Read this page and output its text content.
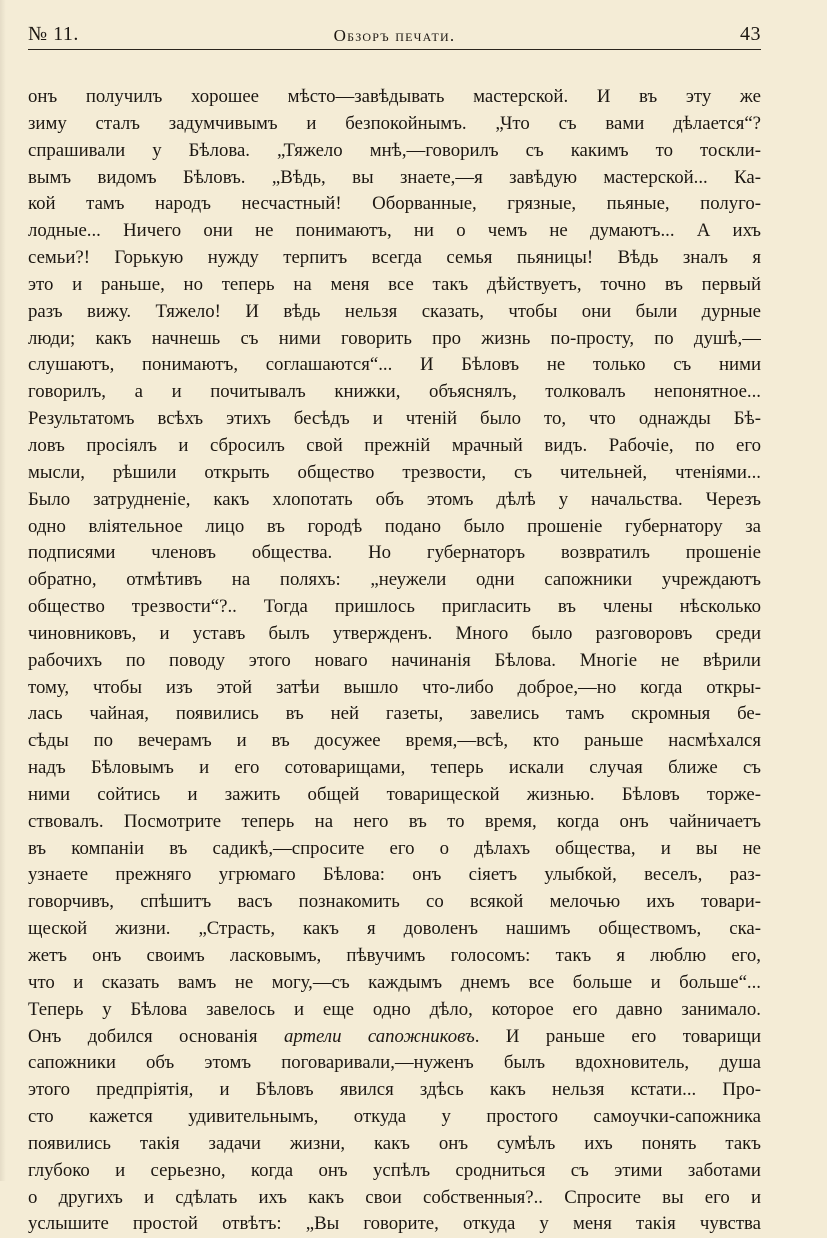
№ 11.	Обзоръ печати.	43
онъ получилъ хорошее мѣсто—завѣдывать мастерской. И въ эту же
зиму сталъ задумчивымъ и безпокойнымъ. „Что съ вами дѣлается“?
спрашивали у Бѣлова. „Тяжело мнѣ,—говорилъ съ какимъ то тоскли-
вымъ видомъ Бѣловъ. „Вѣдь, вы знаете,—я завѣдую мастерской... Ка-
кой тамъ народъ несчастный! Оборванные, грязные, пьяные, полуго-
лодные... Ничего они не понимаютъ, ни о чемъ не думаютъ... А ихъ
семьи?! Горькую нужду терпитъ всегда семья пьяницы! Вѣдь зналъ я
это и раньше, но теперь на меня все такъ дѣйствуетъ, точно въ первый
разъ вижу. Тяжело! И вѣдь нельзя сказать, чтобы они были дурные
люди; какъ начнешь съ ними говорить про жизнь по-просту, по душѣ,—
слушаютъ, понимаютъ, соглашаются“... И Бѣловъ не только съ ними
говорилъ, а и почитывалъ книжки, объяснялъ, толковалъ непонятное...
Результатомъ всѣхъ этихъ бесѣдъ и чтеній было то, что однажды Бѣ-
ловъ просіялъ и сбросилъ свой прежній мрачный видъ. Рабочіе, по его
мысли, рѣшили открыть общество трезвости, съ чительней, чтеніями...
Было затрудненіе, какъ хлопотать объ этомъ дѣлѣ у начальства. Черезъ
одно вліятельное лицо въ городѣ подано было прошеніе губернатору за
подписями членовъ общества. Но губернаторъ возвратилъ прошеніе
обратно, отмѣтивъ на поляхъ: „неужели одни сапожники учреждаютъ
общество трезвости“?.. Тогда пришлось пригласить въ члены нѣсколько
чиновниковъ, и уставъ былъ утвержденъ. Много было разговоровъ среди
рабочихъ по поводу этого новаго начинанія Бѣлова. Многіе не вѣрили
тому, чтобы изъ этой затѣи вышло что-либо доброе,—но когда откры-
лась чайная, появились въ ней газеты, завелись тамъ скромныя бе-
сѣды по вечерамъ и въ досужее время,—всѣ, кто раньше насмѣхался
надъ Бѣловымъ и его сотоварищами, теперь искали случая ближе съ
ними сойтись и зажить общей товарищеской жизнью. Бѣловъ торже-
ствовалъ. Посмотрите теперь на него въ то время, когда онъ чайничаетъ
въ компаніи въ садикѣ,—спросите его о дѣлахъ общества, и вы не
узнаете прежняго угрюмаго Бѣлова: онъ сіяетъ улыбкой, веселъ, раз-
говорчивъ, спѣшитъ васъ познакомить со всякой мелочью ихъ товари-
щеской жизни. „Страсть, какъ я доволенъ нашимъ обществомъ, ска-
жетъ онъ своимъ ласковымъ, пѣвучимъ голосомъ: такъ я люблю его,
что и сказать вамъ не могу,—съ каждымъ днемъ все больше и больше“...
Теперь у Бѣлова завелось и еще одно дѣло, которое его давно занимало.
Онъ добился основанія артели сапожниковъ. И раньше его товарищи
сапожники объ этомъ поговаривали,—нуженъ былъ вдохновитель, душа
этого предпріятія, и Бѣловъ явился здѣсь какъ нельзя кстати... Про-
сто кажется удивительнымъ, откуда у простого самоучки-сапожника
появились такія задачи жизни, какъ онъ сумѣлъ ихъ понять такъ
глубоко и серьезно, когда онъ успѣлъ сродниться съ этими заботами
о другихъ и сдѣлать ихъ какъ свои собственныя?.. Спросите вы его и
услышите простой отвѣтъ: „Вы говорите, откуда у меня такія чувства
